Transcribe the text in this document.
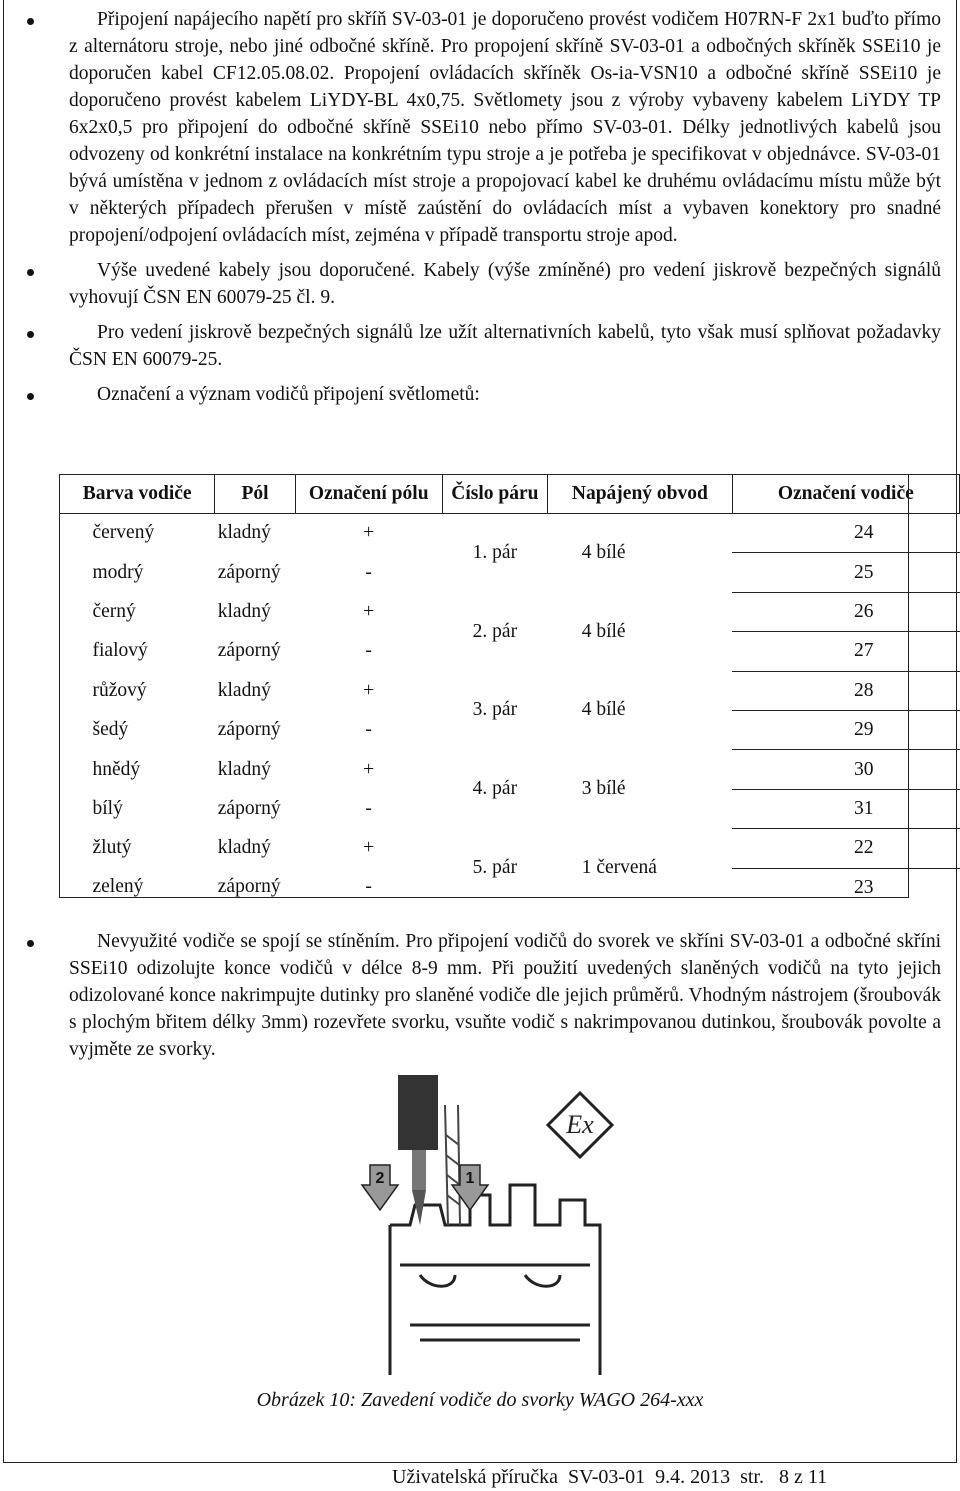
Připojení napájecího napětí pro skříň SV-03-01 je doporučeno provést vodičem H07RN-F 2x1 buďto přímo z alternátoru stroje, nebo jiné odbočné skříně. Pro propojení skříně SV-03-01 a odbočných skříněk SSEi10 je doporučen kabel CF12.05.08.02. Propojení ovládacích skříněk Os-ia-VSN10 a odbočné skříně SSEi10 je doporučeno provést kabelem LiYDY-BL 4x0,75. Světlomety jsou z výroby vybaveny kabelem LiYDY TP 6x2x0,5 pro připojení do odbočné skříně SSEi10 nebo přímo SV-03-01. Délky jednotlivých kabelů jsou odvozeny od konkrétní instalace na konkrétním typu stroje a je potřeba je specifikovat v objednávce. SV-03-01 bývá umístěna v jednom z ovládacích míst stroje a propojovací kabel ke druhému ovládacímu místu může být v některých případech přerušen v místě zaústění do ovládacích míst a vybaven konektory pro snadné propojení/odpojení ovládacích míst, zejména v případě transportu stroje apod.
Výše uvedené kabely jsou doporučené. Kabely (výše zmíněné) pro vedení jiskrově bezpečných signálů vyhovují ČSN EN 60079-25 čl. 9.
Pro vedení jiskrově bezpečných signálů lze užít alternativních kabelů, tyto však musí splňovat požadavky ČSN EN 60079-25.
Označení a význam vodičů připojení světlometů:
Barva vodiče	Pól	Označení pólu	Číslo páru	Napájený obvod	Označení vodiče
červený	kladný	+	1. pár	4 bílé	24
modrý	záporný	-			25
černý	kladný	+	2. pár	4 bílé	26
fialový	záporný	-			27
růžový	kladný	+	3. pár	4 bílé	28
šedý	záporný	-			29
hnědý	kladný	+	4. pár	3 bílé	30
bílý	záporný	-			31
žlutý	kladný	+	5. pár	1 červená	22
zelený	záporný	-			23
Nevyužité vodiče se spojí se stíněním. Pro připojení vodičů do svorek ve skříni SV-03-01 a odbočné skříni SSEi10 odizolujte konce vodičů v délce 8-9 mm. Při použití uvedených slaněných vodičů na tyto jejich odizolované konce nakrimpujte dutinky pro slaněné vodiče dle jejich průměrů. Vhodným nástrojem (šroubovák s plochým břitem délky 3mm) rozevřete svorku, vsuňte vodič s nakrimpovanou dutinkou, šroubovák povolte a vyjměte ze svorky.
Ex
2	1
Obrázek 10: Zavedení vodiče do svorky WAGO 264-xxx
Uživatelská příručka  SV-03-01  9.4. 2013  str.   8 z 11
